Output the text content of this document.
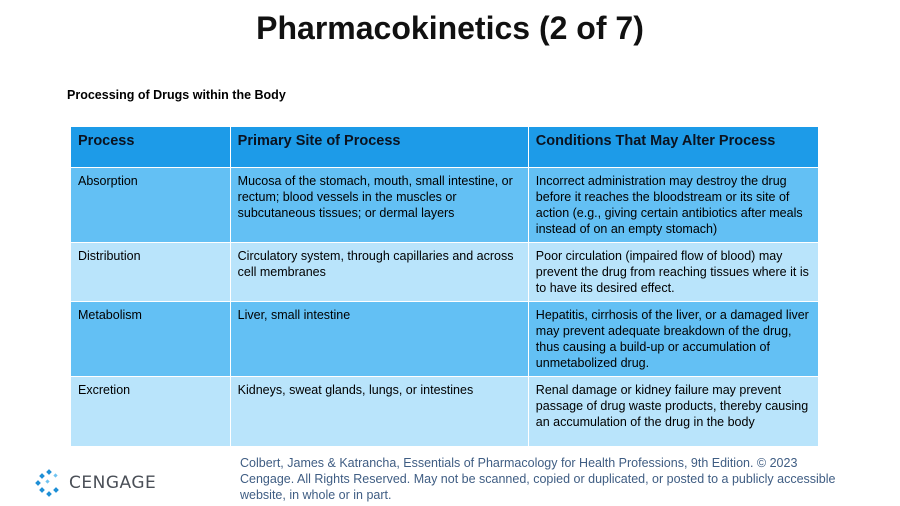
Pharmacokinetics (2 of 7)
Processing of Drugs within the Body
Process	Primary Site of Process	Conditions That May Alter Process
Absorption	Mucosa of the stomach, mouth, small intestine, or rectum; blood vessels in the muscles or subcutaneous tissues; or dermal layers	Incorrect administration may destroy the drug before it reaches the bloodstream or its site of action (e.g., giving certain antibiotics after meals instead of on an empty stomach)
Distribution	Circulatory system, through capillaries and across cell membranes	Poor circulation (impaired flow of blood) may prevent the drug from reaching tissues where it is to have its desired effect.
Metabolism	Liver, small intestine	Hepatitis, cirrhosis of the liver, or a damaged liver may prevent adequate breakdown of the drug, thus causing a build-up or accumulation of unmetabolized drug.
Excretion	Kidneys, sweat glands, lungs, or intestines	Renal damage or kidney failure may prevent passage of drug waste products, thereby causing an accumulation of the drug in the body
CENGAGE
Colbert, James & Katrancha, Essentials of Pharmacology for Health Professions, 9th Edition. © 2023 Cengage. All Rights Reserved. May not be scanned, copied or duplicated, or posted to a publicly accessible website, in whole or in part.
